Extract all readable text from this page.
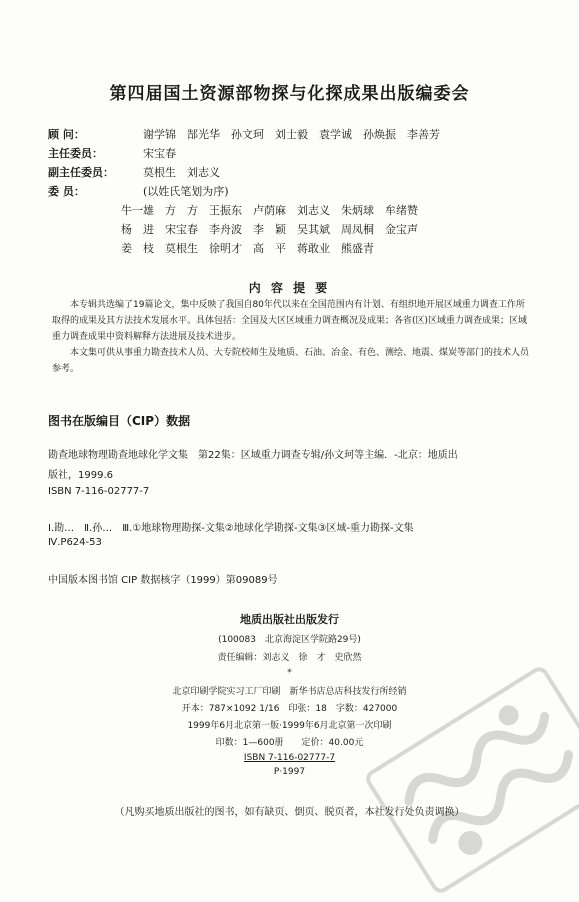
第四届国土资源部物探与化探成果出版编委会
顾 问：	谢学锦　郜光华　孙文珂　刘士毅　袁学诚　孙焕振　李善芳
主任委员：	宋宝春
副主任委员：	莫根生　刘志义
委 员：	(以姓氏笔划为序)
牛一雄　方　方　王振东　卢荫麻　刘志义　朱炳球　牟绪赞
杨　进　宋宝春　李舟波　李　颖　吴其斌　周凤桐　金宝声
姜　枝　莫根生　徐明才　高　平　蒋敢业　熊盛青
内 容 提 要

本专辑共选编了19篇论文，集中反映了我国自80年代以来在全国范围内有计划、有组织地开展区域重力调查工作所取得的成果及其方法技术发展水平。具体包括：全国及大区区域重力调查概况及成果；各省(区)区域重力调查成果；区域重力调查成果中资料解释方法进展及技术进步。

本文集可供从事重力勘查技术人员、大专院校师生及地质、石油、冶金、有色、测绘、地震、煤炭等部门的技术人员参考。

图书在版编目（CIP）数据
勘查地球物理勘查地球化学文集　第22集：区域重力调查专辑/孙文珂等主编．-北京：地质出
版社，1999.6
ISBN 7-116-02777-7
Ⅰ.勘…　Ⅱ.孙…　Ⅲ.①地球物理勘探-文集②地球化学勘探-文集③区域-重力勘探-文集
Ⅳ.P624-53
中国版本图书馆 CIP 数据核字（1999）第09089号
地质出版社出版发行
(100083　北京海淀区学院路29号)
责任编辑：刘志义　徐　才　史欣然
*
北京印刷学院实习工厂印刷　新华书店总店科技发行所经销
开本：787×1092 1/16　印张：18　字数：427000
1999年6月北京第一版·1999年6月北京第一次印刷
印数：1—600册　　定价：40.00元
ISBN 7-116-02777-7
P·1997
（凡购买地质出版社的图书，如有缺页、倒页、脱页者，本社发行处负责调换）
